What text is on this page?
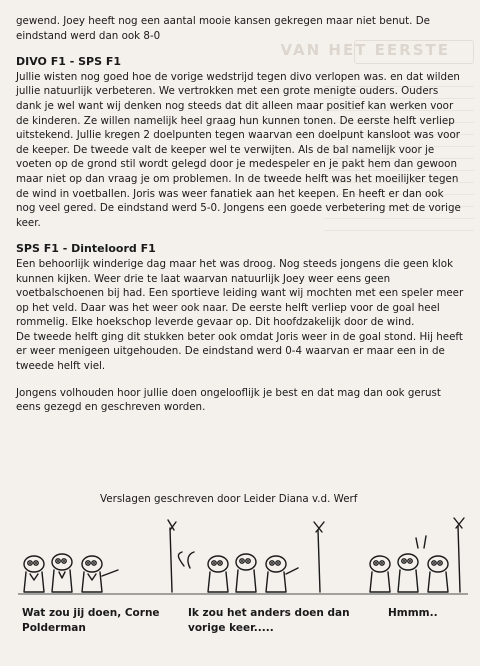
VAN HET EERSTE

gewend. Joey heeft nog een aantal mooie kansen gekregen maar niet benut. De eindstand werd dan ook 8-0

DIVO F1 - SPS F1

Jullie wisten nog goed hoe de vorige wedstrijd tegen divo verlopen was. en dat wilden jullie natuurlijk verbeteren. We vertrokken met een grote menigte ouders. Ouders dank je wel want wij denken nog steeds dat dit alleen maar positief kan werken voor de kinderen. Ze willen namelijk heel graag hun kunnen tonen. De eerste helft verliep uitstekend. Jullie kregen 2 doelpunten tegen waarvan een doelpunt kansloot was voor de keeper. De tweede valt de keeper wel te verwijten. Als de bal namelijk voor je voeten op de grond stil wordt gelegd door je medespeler en je pakt hem dan gewoon maar niet op dan vraag je om problemen. In de tweede helft was het moeilijker tegen de wind in voetballen. Joris was weer fanatiek aan het keepen. En heeft er dan ook nog veel gered. De eindstand werd 5-0. Jongens een goede verbetering met de vorige keer.

SPS F1 - Dinteloord F1

Een behoorlijk winderige dag maar het was droog. Nog steeds jongens die geen klok kunnen kijken. Weer drie te laat waarvan natuurlijk Joey weer eens geen voetbalschoenen bij had. Een sportieve leiding want wij mochten met een speler meer op het veld. Daar was het weer ook naar. De eerste helft verliep voor de goal heel rommelig. Elke hoekschop leverde gevaar op. Dit hoofdzakelijk door de wind.

De tweede helft ging dit stukken beter ook omdat Joris weer in de goal stond. Hij heeft er weer menigeen uitgehouden. De eindstand werd 0-4 waarvan er maar een in de tweede helft viel.

Jongens volhouden hoor jullie doen ongelooflijk je best en dat mag dan ook gerust eens gezegd en geschreven worden.

Verslagen geschreven door Leider Diana v.d. Werf
Wat zou jij doen, Corne Polderman
Ik zou het anders doen dan vorige keer.....
Hmmm..
